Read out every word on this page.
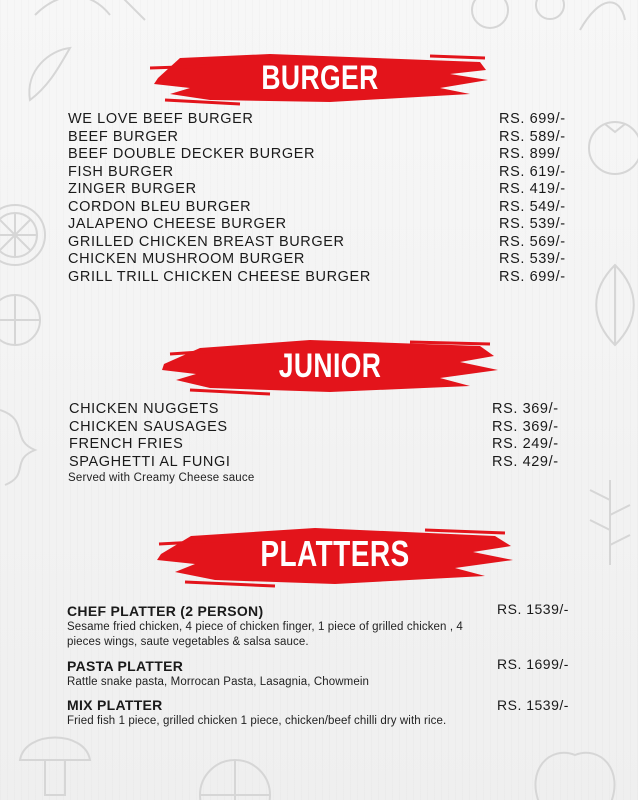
BURGER
WE LOVE BEEF BURGER	RS. 699/-
BEEF BURGER	RS. 589/-
BEEF DOUBLE DECKER BURGER	RS. 899/
FISH BURGER	RS. 619/-
ZINGER BURGER	RS. 419/-
CORDON BLEU BURGER	RS. 549/-
JALAPENO CHEESE BURGER	RS. 539/-
GRILLED CHICKEN BREAST BURGER	RS. 569/-
CHICKEN MUSHROOM BURGER	RS. 539/-
GRILL TRILL CHICKEN CHEESE BURGER	RS. 699/-
JUNIOR
CHICKEN NUGGETS	RS. 369/-
CHICKEN SAUSAGES	RS. 369/-
FRENCH FRIES	RS. 249/-
SPAGHETTI AL FUNGI	RS. 429/-
Served with Creamy Cheese sauce
PLATTERS
CHEF PLATTER (2 PERSON)	RS. 1539/-
Sesame fried chicken, 4 piece of chicken finger, 1 piece of grilled chicken , 4 pieces wings, saute vegetables & salsa sauce.
PASTA PLATTER	RS. 1699/-
Rattle snake pasta, Morrocan Pasta, Lasagnia, Chowmein
MIX PLATTER	RS. 1539/-
Fried fish 1 piece, grilled chicken 1 piece, chicken/beef chilli dry with rice.
